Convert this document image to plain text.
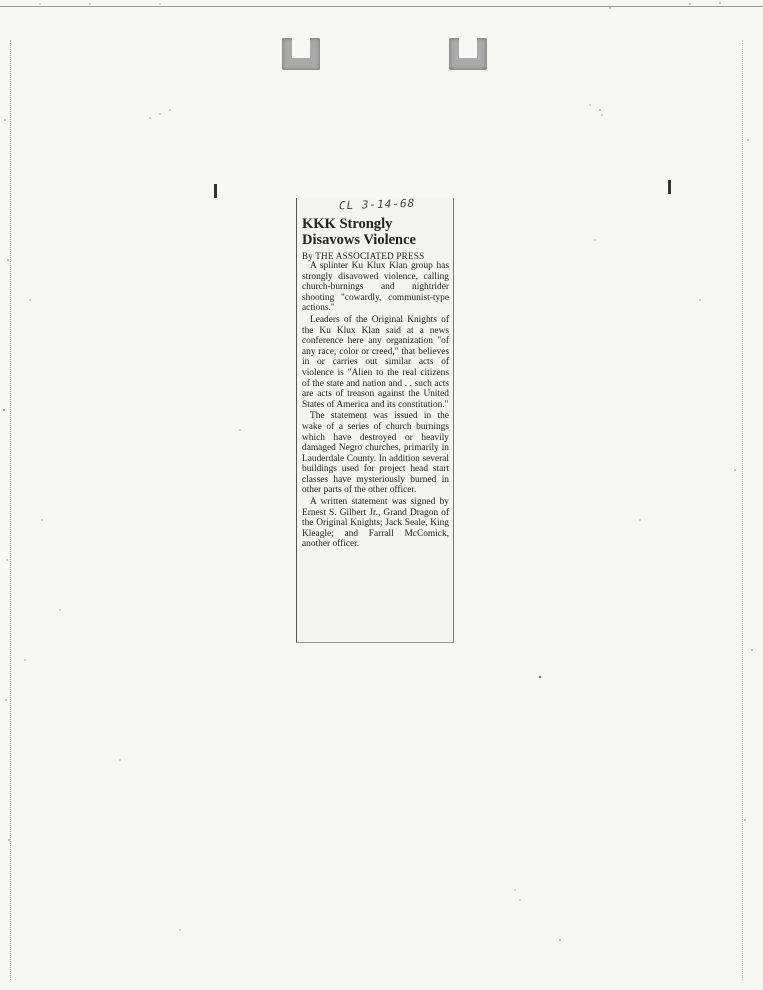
CL 3-14-68
KKK Strongly
Disavows Violence
By THE ASSOCIATED PRESS

A splinter Ku Klux Klan group has strongly disavowed violence, calling church-burnings and nightrider shooting "cowardly, communist-type actions."

Leaders of the Original Knights of the Ku Klux Klan said at a news conference here any organization "of any race, color or creed," that believes in or carries out similar acts of violence is "Alien to the real citizens of the state and nation and . . such acts are acts of treason against the United States of America and its constitution."

The statement was issued in the wake of a series of church burnings which have destroyed or heavily damaged Negro churches, primarily in Lauderdale County. In addition several buildings used for project head start classes have mysteriously burned in other parts of the other officer.

A written statement was signed by Ernest S. Gilbert Jr., Grand Dragon of the Original Knights; Jack Seale, King Kleagle; and Farrall McComick, another officer.
